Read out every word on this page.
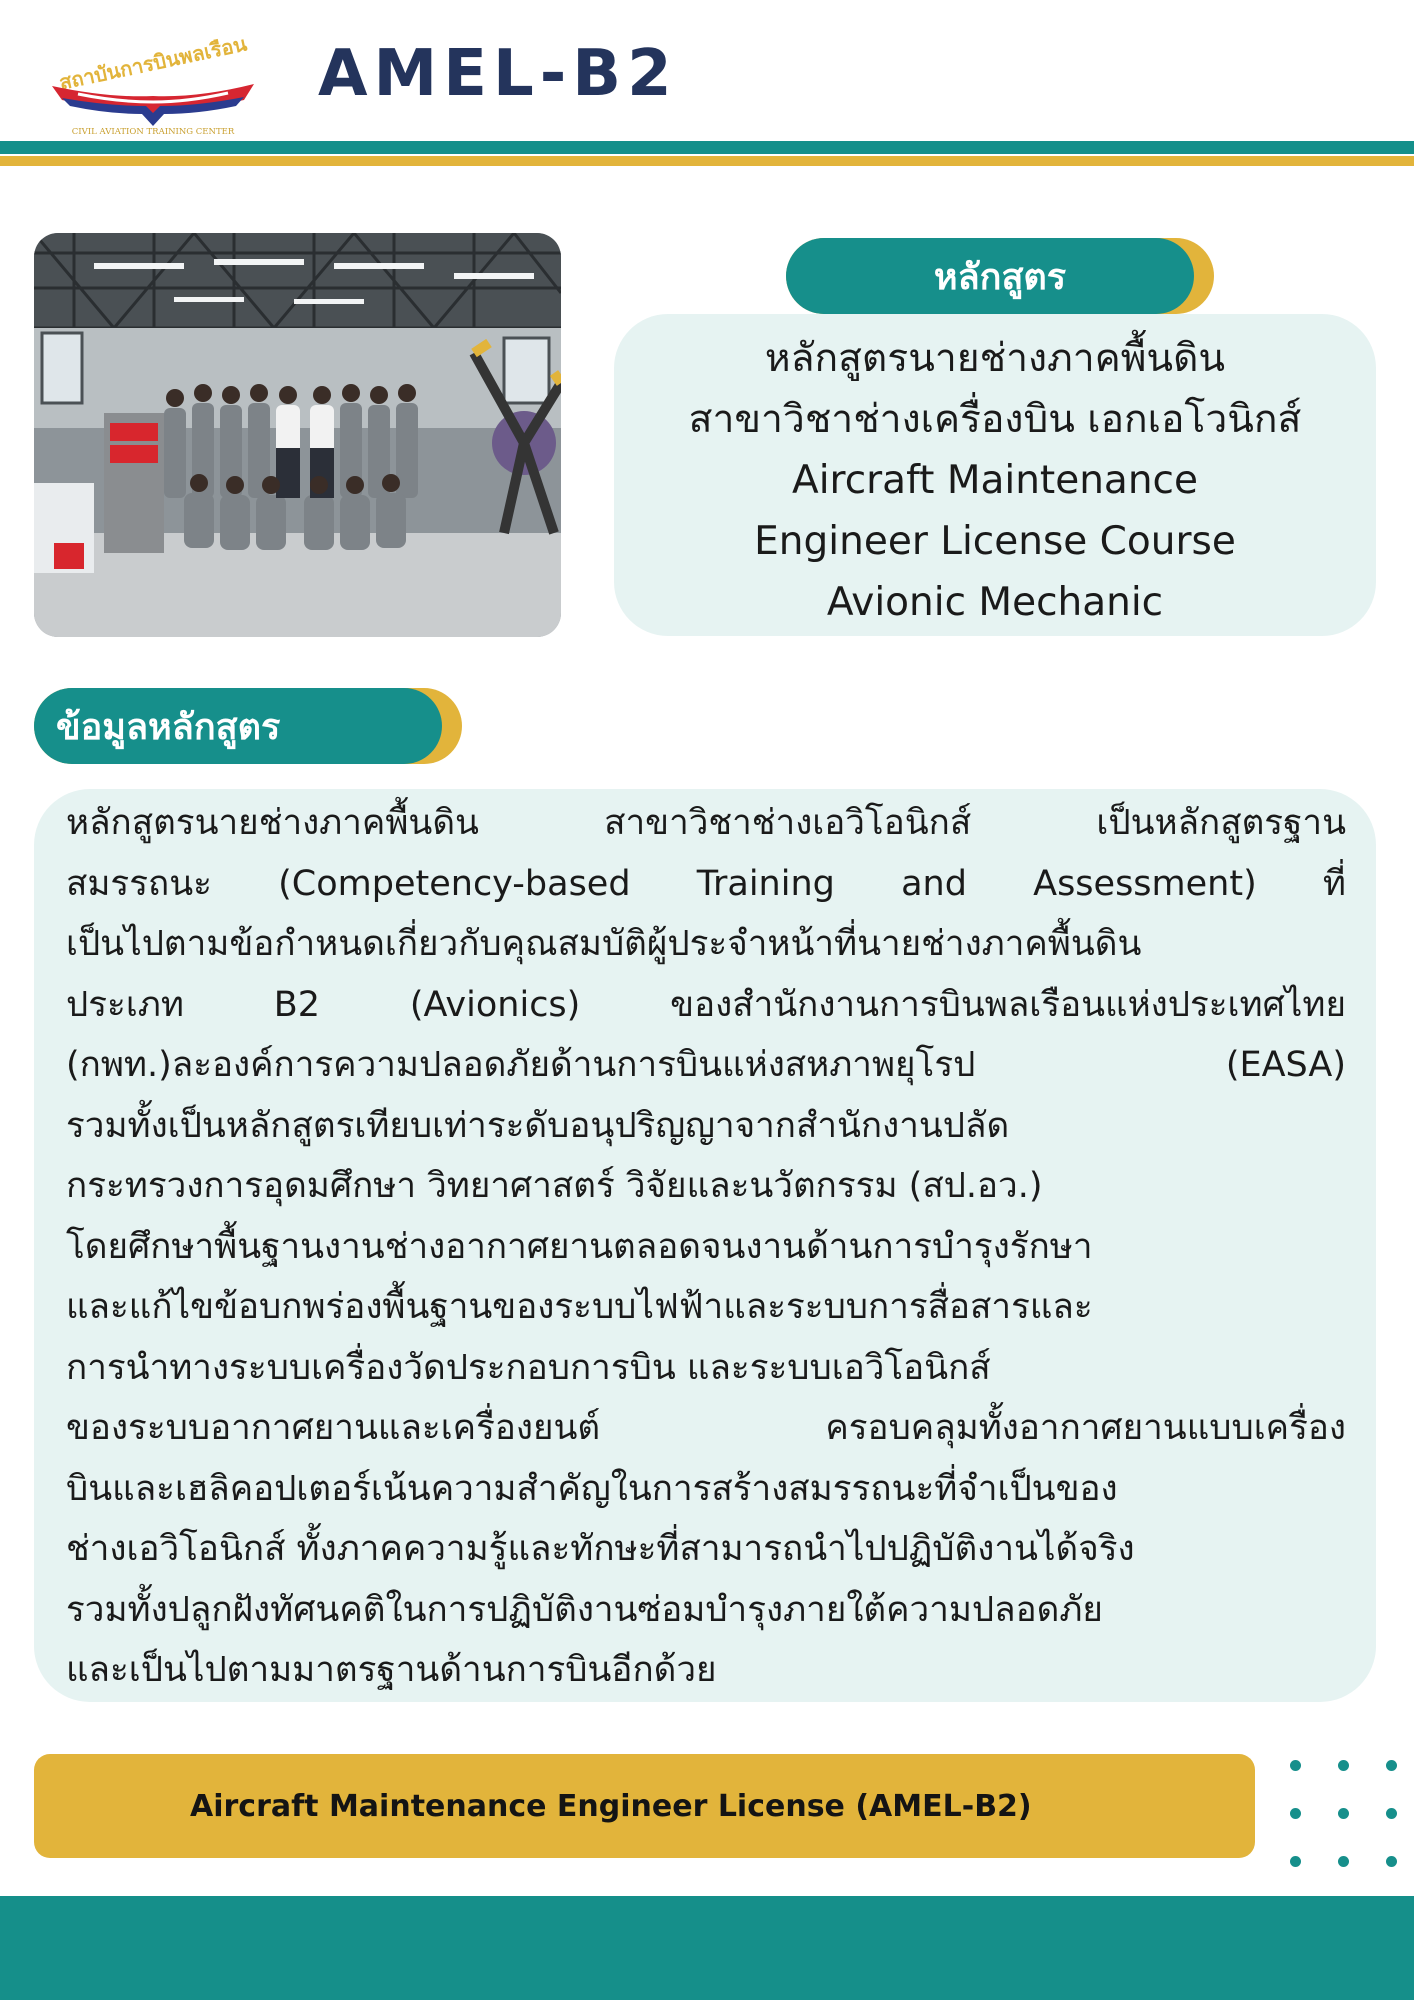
สถาบันการบินพลเรือน
CIVIL AVIATION TRAINING CENTER
AMEL-B2
หลักสูตร
หลักสูตรนายช่างภาคพื้นดิน
สาขาวิชาช่างเครื่องบิน เอกเอโวนิกส์
Aircraft Maintenance
Engineer License Course
Avionic Mechanic
ข้อมูลหลักสูตร
หลักสูตรนายช่างภาคพื้นดิน สาขาวิชาช่างเอวิโอนิกส์ เป็นหลักสูตรฐาน
สมรรถนะ (Competency-based Training and Assessment) ที่
เป็นไปตามข้อกำหนดเกี่ยวกับคุณสมบัติผู้ประจำหน้าที่นายช่างภาคพื้นดิน
ประเภท B2 (Avionics) ของสำนักงานการบินพลเรือนแห่งประเทศไทย
(กพท.)ละองค์การความปลอดภัยด้านการบินแห่งสหภาพยุโรป (EASA)
รวมทั้งเป็นหลักสูตรเทียบเท่าระดับอนุปริญญาจากสำนักงานปลัด
กระทรวงการอุดมศึกษา วิทยาศาสตร์ วิจัยและนวัตกรรม (สป.อว.)
โดยศึกษาพื้นฐานงานช่างอากาศยานตลอดจนงานด้านการบำรุงรักษา
และแก้ไขข้อบกพร่องพื้นฐานของระบบไฟฟ้าและระบบการสื่อสารและ
การนำทางระบบเครื่องวัดประกอบการบิน และระบบเอวิโอนิกส์
ของระบบอากาศยานและเครื่องยนต์ ครอบคลุมทั้งอากาศยานแบบเครื่อง
บินและเฮลิคอปเตอร์เน้นความสำคัญในการสร้างสมรรถนะที่จำเป็นของ
ช่างเอวิโอนิกส์ ทั้งภาคความรู้และทักษะที่สามารถนำไปปฏิบัติงานได้จริง
รวมทั้งปลูกฝังทัศนคติในการปฏิบัติงานซ่อมบำรุงภายใต้ความปลอดภัย
และเป็นไปตามมาตรฐานด้านการบินอีกด้วย
Aircraft Maintenance Engineer License (AMEL-B2)
